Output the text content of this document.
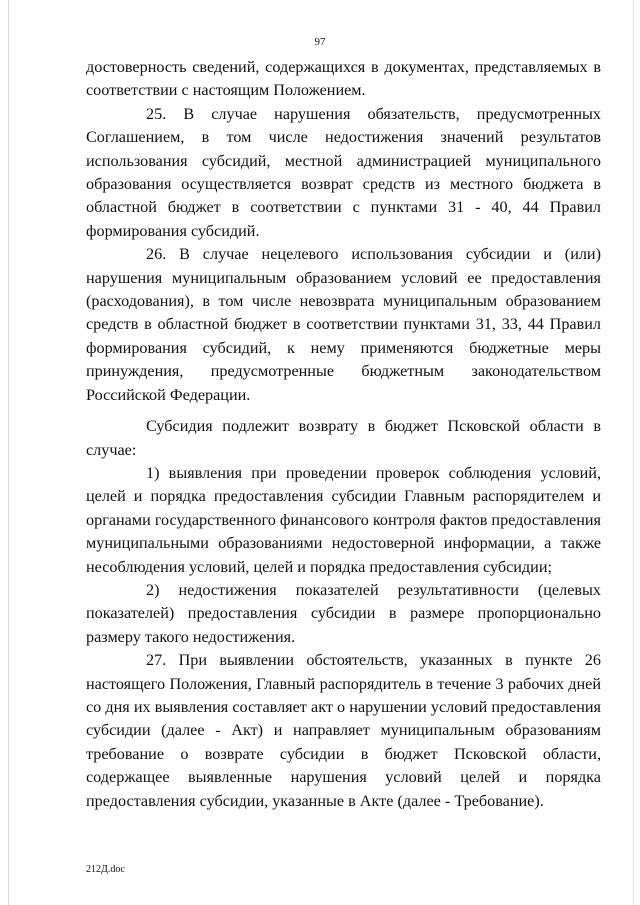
97

достоверность сведений, содержащихся в документах, представляемых в соответствии с настоящим Положением.

25. В случае нарушения обязательств, предусмотренных Соглашением, в том числе недостижения значений результатов использования субсидий, местной администрацией муниципального образования осуществляется возврат средств из местного бюджета в областной бюджет в соответствии с пунктами 31 - 40, 44 Правил формирования субсидий.

26. В случае нецелевого использования субсидии и (или) нарушения муниципальным образованием условий ее предоставления (расходования), в том числе невозврата муниципальным образованием средств в областной бюджет в соответствии пунктами 31, 33, 44 Правил формирования субсидий, к нему применяются бюджетные меры принуждения, предусмотренные бюджетным законодательством Российской Федерации.

Субсидия подлежит возврату в бюджет Псковской области в случае:

1) выявления при проведении проверок соблюдения условий, целей и порядка предоставления субсидии Главным распорядителем и органами государственного финансового контроля фактов предоставления муниципальными образованиями недостоверной информации, а также несоблюдения условий, целей и порядка предоставления субсидии;

2) недостижения показателей результативности (целевых показателей) предоставления субсидии в размере пропорционально размеру такого недостижения.

27. При выявлении обстоятельств, указанных в пункте 26 настоящего Положения, Главный распорядитель в течение 3 рабочих дней со дня их выявления составляет акт о нарушении условий предоставления субсидии (далее - Акт) и направляет муниципальным образованиям требование о возврате субсидии в бюджет Псковской области, содержащее выявленные нарушения условий целей и порядка предоставления субсидии, указанные в Акте (далее - Требование).

212Д.doc
